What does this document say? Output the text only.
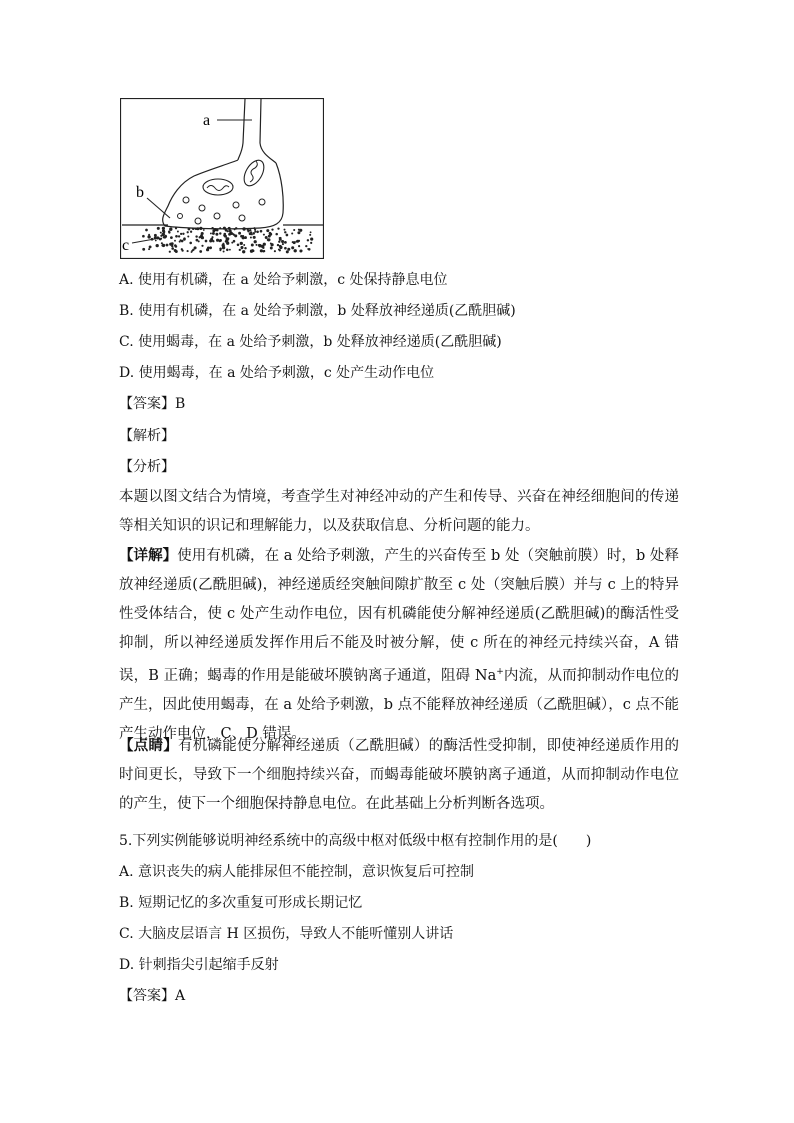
a
b
c
A. 使用有机磷，在 a 处给予刺激，c 处保持静息电位
B. 使用有机磷，在 a 处给予刺激，b 处释放神经递质(乙酰胆碱)
C. 使用蝎毒，在 a 处给予刺激，b 处释放神经递质(乙酰胆碱)
D. 使用蝎毒，在 a 处给予刺激，c 处产生动作电位
【答案】B
【解析】
【分析】
本题以图文结合为情境，考查学生对神经冲动的产生和传导、兴奋在神经细胞间的传递等相关知识的识记和理解能力，以及获取信息、分析问题的能力。
【详解】使用有机磷，在 a 处给予刺激，产生的兴奋传至 b 处（突触前膜）时，b 处释放神经递质(乙酰胆碱)，神经递质经突触间隙扩散至 c 处（突触后膜）并与 c 上的特异性受体结合，使 c 处产生动作电位，因有机磷能使分解神经递质(乙酰胆碱)的酶活性受抑制，所以神经递质发挥作用后不能及时被分解，使 c 所在的神经元持续兴奋，A 错误，B 正确；蝎毒的作用是能破坏膜钠离子通道，阻碍 Na+内流，从而抑制动作电位的产生，因此使用蝎毒，在 a 处给予刺激，b 点不能释放神经递质（乙酰胆碱），c 点不能产生动作电位，C、D 错误。
【点睛】有机磷能使分解神经递质（乙酰胆碱）的酶活性受抑制，即使神经递质作用的时间更长，导致下一个细胞持续兴奋，而蝎毒能破坏膜钠离子通道，从而抑制动作电位的产生，使下一个细胞保持静息电位。在此基础上分析判断各选项。
5.下列实例能够说明神经系统中的高级中枢对低级中枢有控制作用的是(　　)
A. 意识丧失的病人能排尿但不能控制，意识恢复后可控制
B. 短期记忆的多次重复可形成长期记忆
C. 大脑皮层语言 H 区损伤，导致人不能听懂别人讲话
D. 针刺指尖引起缩手反射
【答案】A
